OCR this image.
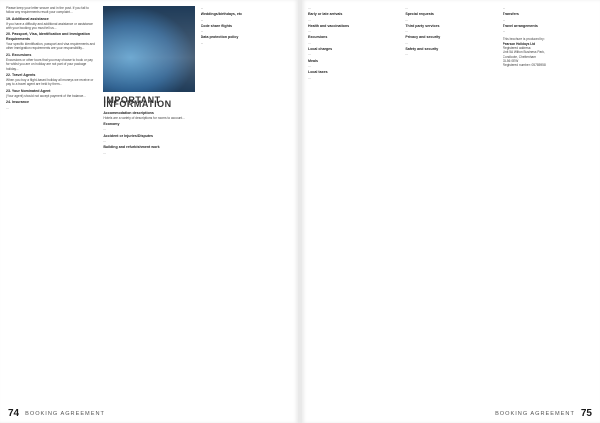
Please keep your letter secure and in the post. If you fail to follow any requirements result your complaint...

19. Additional assistance

If you have a difficulty and additional assistance or assistance with your booking you must tell us...

20. Passport, Visa, Identification and Immigration Requirements

Your specific identification, passport and visa requirements and other immigration requirements are your responsibility...

21. Excursions

Excursions or other tours that you may choose to book or pay for whilst you are on holiday are not part of your package holiday...

22. Travel Agents

When you buy a flight-based holiday all moneys we receive or pay to a travel agent are held by them...

23. Your Nominated Agent

(Your agent) should not accept payment of the balance...

24. Insurance

...

IMPORTANT INFORMATION
Accommodation descriptions

Hotels are a variety of descriptions for rooms to account...

Economy

...

Accident or Injuries/Disputes

...

Building and refurbishment work

...

...

Weddings/birthdays, etc

...

Code share flights

...

Data protection policy

...

74 BOOKING AGREEMENT

...

Early or late arrivals

...

Health and vaccinations

...

Excursions

...

Local charges

...

Meals

...

Local taxes

...

...

Special requests

...

Third party services

...

Privacy and security

...

Safety and security

...

...

Transfers

...

Travel arrangements

...

This brochure is produced by:
Pearson Holidays Ltd
Registered address:
Unit 5A Wilton Business Park,
Condicote, Cheltenham
GL56 0EW
Registered number: 05785958
BOOKING AGREEMENT 75
